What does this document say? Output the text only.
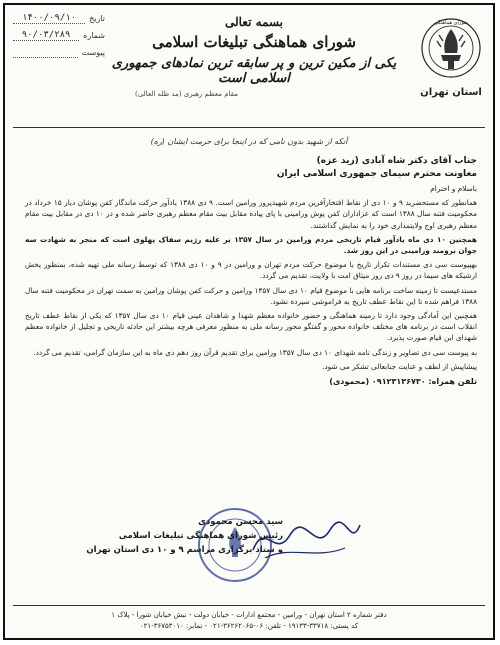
شورای هماهنگی
استان تهران
تاریخ
۱۴۰۰/۰۹/۱۰
شماره
۹۰/۰۳/۲۸۹
پیوست

بسمه تعالی
شورای هماهنگی تبلیغات اسلامی
یکی از مکین ترین و پر سابقه ترین نمادهای جمهوری اسلامی است
مقام معظم رهبری (مد ظله العالی)
آنکه از شهید بدون نامی که در اینجا برای حرمت ایشان (ره)
جناب آقای دکتر شاه آبادی (زید عزه)
معاونت محترم سیمای جمهوری اسلامی ایران

باسلام و احترام

همانطور که مستحضرید ۹ و ۱۰ دی از نقاط افتخارآفرین مردم شهیدپرور ورامین است. ۹ دی ۱۳۸۸ یادآور حرکت ماندگار کفن پوشان دیار ۱۵ خرداد در محکومیت فتنه سال ۱۳۸۸ است که عزاداران کفن پوش ورامینی با پای پیاده مقابل بیت مقام معظم رهبری حاضر شده و در ۱۰ دی در مقابل بیت مقام معظم رهبری اوج ولایتمداری خود را به نمایش گذاشتند.

همچنین ۱۰ دی ماه یادآور قیام تاریخی مردم ورامین در سال ۱۳۵۷ بر علیه رژیم سفاک پهلوی است که منجر به شهادت سه جوان برومند ورامینی در این روز شد.

بهپیوست سی دی مستندات تکرار تاریخ با موضوع حرکت مردم تهران و ورامین در ۹ و ۱۰ دی ۱۳۸۸ که توسط رسانه ملی تهیه شده، بمنظور پخش ازشبکه های سیما در روز ۹ دی روز میثاق امت با ولایت، تقدیم می گردد.

مستدعیست تا زمینه ساخت برنامه هایی با موضوع قیام ۱۰ دی سال ۱۳۵۷ ورامین و حرکت کفن پوشان ورامین به سمت تهران در محکومیت فتنه سال ۱۳۸۸ فراهم شده تا این نقاط عطف تاریخ به فراموشی سپرده نشود.

همچنین این آمادگی وجود دارد تا زمینه هماهنگی و حضور خانواده معظم شهدا و شاهدان عینی قیام ۱۰ دی سال ۱۳۵۷ که یکی از نقاط عطف تاریخ انقلاب است در برنامه های مختلف خانواده محور و گفتگو محور رسانه ملی به منظور معرفی هرچه بیشتر این حادثه تاریخی و تجلیل از خانواده معظم شهدای این قیام صورت پذیرد.

به پیوست سی دی تصاویر و زندگی نامه شهدای ۱۰ دی سال ۱۳۵۷ ورامین برای تقدیم قرآن روز دهم دی ماه به این سازمان گرامی، تقدیم می گردد.

پیشاپیش از لطف و عنایت جنابعالی تشکر می شود.

تلفن همراه: ۰۹۱۲۳۱۳۶۷۳۰ (محمودی)
سید محسن محمودی
رئیس شورای هماهنگی تبلیغات اسلامی
و ستاد برگزاری مراسم ۹ و ۱۰ دی استان تهران
دفتر شماره ۲ استان تهران - ورامین - مجتمع ادارات - خیابان دولت - نبش خیابان شورا - پلاک ۱
کد پستی: ۳۳۷۱۸-۱۹۱۳۳ - تلفن: ۰۶-۳۶۲۶۲۰۶۵-۰۲۱ - نمابر: ۳۶۷۵۳۰۱۰-۰۲۱
